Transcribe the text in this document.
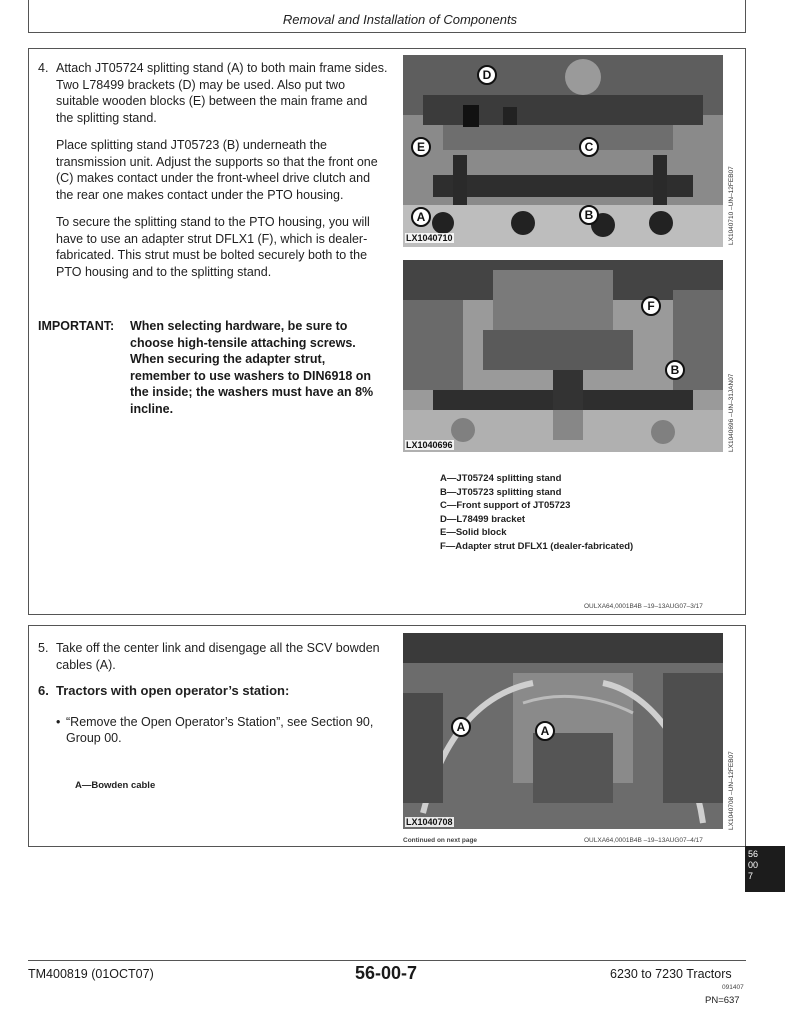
Removal and Installation of Components
4. Attach JT05724 splitting stand (A) to both main frame sides. Two L78499 brackets (D) may be used. Also put two suitable wooden blocks (E) between the main frame and the splitting stand.
Place splitting stand JT05723 (B) underneath the transmission unit. Adjust the supports so that the front one (C) makes contact under the front-wheel drive clutch and the rear one makes contact under the PTO housing.
To secure the splitting stand to the PTO housing, you will have to use an adapter strut DFLX1 (F), which is dealer-fabricated. This strut must be bolted securely both to the PTO housing and to the splitting stand.
IMPORTANT:	When selecting hardware, be sure to choose high-tensile attaching screws. When securing the adapter strut, remember to use washers to DIN6918 on the inside; the washers must have an 8% incline.
D
E	C
A	B
LX1040710	LX1040710 –UN–12FEB07
F
B
LX1040696	LX1040696 –UN–31JAN07
A—JT05724 splitting stand
B—JT05723 splitting stand
C—Front support of JT05723
D—L78499 bracket
E—Solid block
F—Adapter strut DFLX1 (dealer-fabricated)
OULXA64,0001B4B –19–13AUG07–3/17
5. Take off the center link and disengage all the SCV bowden cables (A).
6. Tractors with open operator’s station:
• “Remove the Open Operator’s Station”, see Section 90, Group 00.
A—Bowden cable
A	A
LX1040708	LX1040708 –UN–12FEB07
Continued on next page	OULXA64,0001B4B –19–13AUG07–4/17
56
00
7
TM400819 (01OCT07)	56-00-7	6230 to 7230 Tractors
091407
PN=637
